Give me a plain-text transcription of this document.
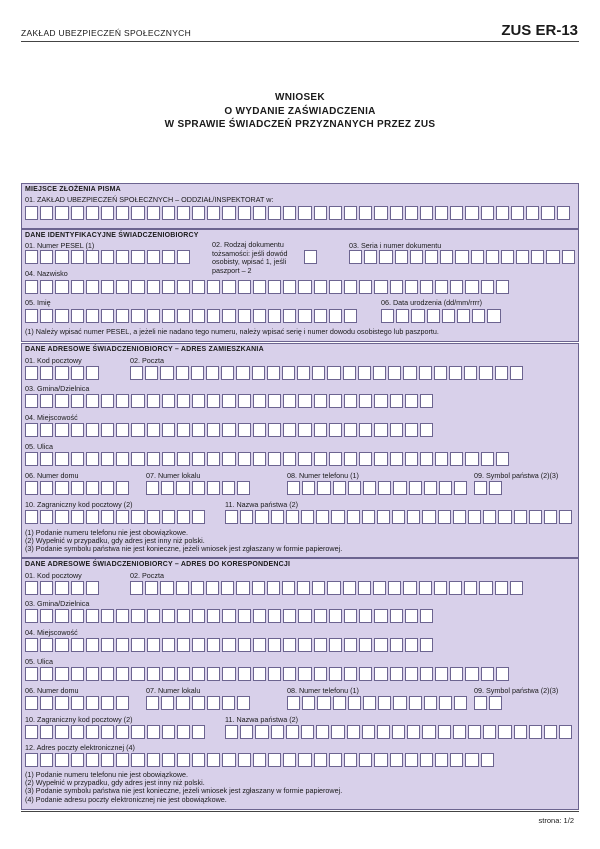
ZAKŁAD UBEZPIECZEŃ SPOŁECZNYCH	ZUS ER-13
WNIOSEK
O WYDANIE ZAŚWIADCZENIA
W SPRAWIE ŚWIADCZEŃ PRZYZNANYCH PRZEZ ZUS
MIEJSCE ZŁOŻENIA PISMA
01. ZAKŁAD UBEZPIECZEŃ SPOŁECZNYCH – ODDZIAŁ/INSPEKTORAT w:
DANE IDENTYFIKACYJNE ŚWIADCZENIOBIORCY
01. Numer PESEL (1)	02. Rodzaj dokumentu tożsamości: jeśli dowód osobisty, wpisać 1, jeśli paszport – 2
03. Seria i numer dokumentu
04. Nazwisko
05. Imię	06. Data urodzenia (dd/mm/rrrr)
(1) Należy wpisać numer PESEL, a jeżeli nie nadano tego numeru, należy wpisać serię i numer dowodu osobistego lub paszportu.
DANE ADRESOWE ŚWIADCZENIOBIORCY – ADRES ZAMIESZKANIA
01. Kod pocztowy	02. Poczta
03. Gmina/Dzielnica
04. Miejscowość
05. Ulica
06. Numer domu	07. Numer lokalu	08. Numer telefonu (1)	09. Symbol państwa (2)(3)
10. Zagraniczny kod pocztowy (2)	11. Nazwa państwa (2)
(1) Podanie numeru telefonu nie jest obowiązkowe.
(2) Wypełnić w przypadku, gdy adres jest inny niż polski.
(3) Podanie symbolu państwa nie jest konieczne, jeżeli wniosek jest zgłaszany w formie papierowej.
DANE ADRESOWE ŚWIADCZENIOBIORCY – ADRES DO KORESPONDENCJI
01. Kod pocztowy	02. Poczta
03. Gmina/Dzielnica
04. Miejscowość
05. Ulica
06. Numer domu	07. Numer lokalu	08. Numer telefonu (1)	09. Symbol państwa (2)(3)
10. Zagraniczny kod pocztowy (2)	11. Nazwa państwa (2)
12. Adres poczty elektronicznej (4)
(1) Podanie numeru telefonu nie jest obowiązkowe.
(2) Wypełnić w przypadku, gdy adres jest inny niż polski.
(3) Podanie symbolu państwa nie jest konieczne, jeżeli wniosek jest zgłaszany w formie papierowej.
(4) Podanie adresu poczty elektronicznej nie jest obowiązkowe.
strona: 1/2
